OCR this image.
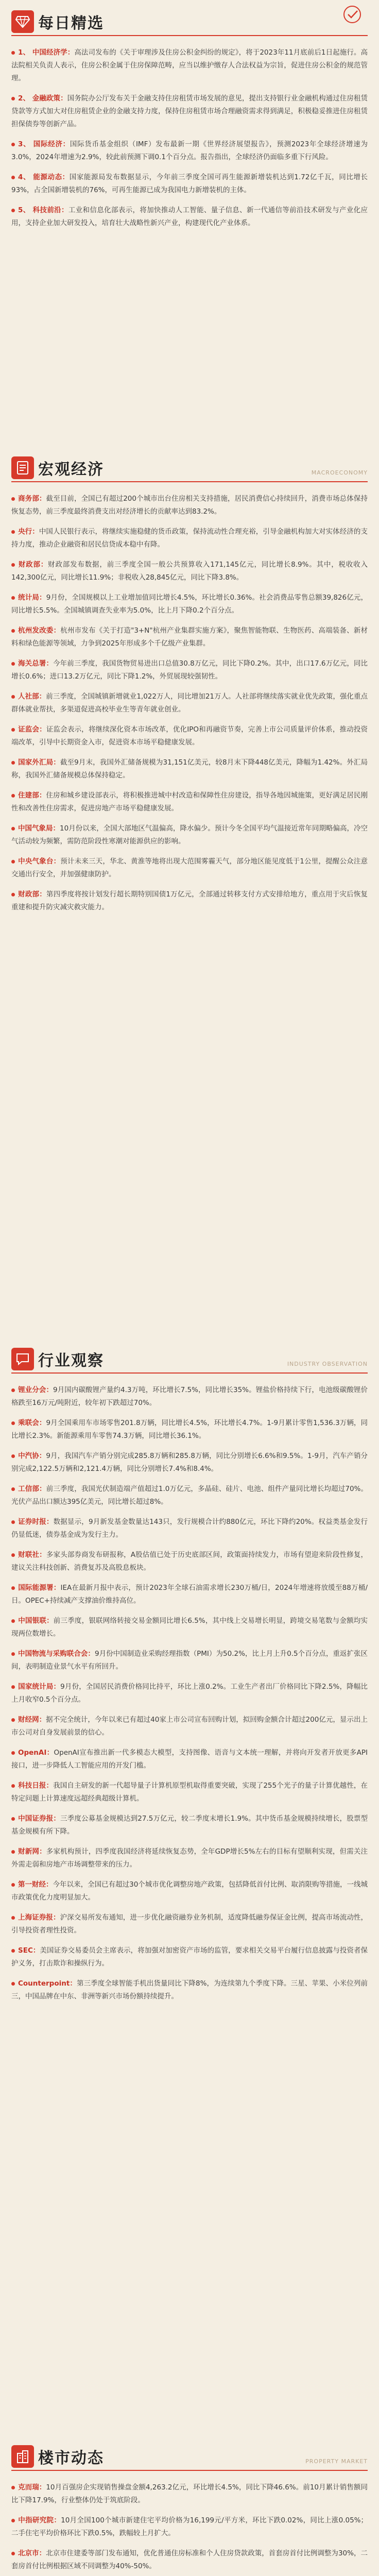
每日精选
1、 中国经济学：高法司发布的《关于审理涉及住房公积金纠纷的规定》，将于2023年11月底前后1日起施行。高法院相关负责人表示，住房公积金属于住房保障范畴，应当以维护缴存人合法权益为宗旨，促进住房公积金的规范管理。
2、 金融政策：国务院办公厅发布关于金融支持住房租赁市场发展的意见，提出支持银行业金融机构通过住房租赁贷款等方式加大对住房租赁企业的金融支持力度，保持住房租赁市场合理融资需求得到满足，积极稳妥推进住房租赁担保债券等创新产品。
3、 国际经济：国际货币基金组织（IMF）发布最新一期《世界经济展望报告》，预测2023年全球经济增速为3.0%，2024年增速为2.9%，较此前预测下调0.1个百分点。报告指出，全球经济仍面临多重下行风险。
4、 能源动态：国家能源局发布数据显示，今年前三季度全国可再生能源新增装机达到1.72亿千瓦，同比增长93%，占全国新增装机的76%，可再生能源已成为我国电力新增装机的主体。
5、 科技前沿：工业和信息化部表示，将加快推动人工智能、量子信息、新一代通信等前沿技术研发与产业化应用，支持企业加大研发投入，培育壮大战略性新兴产业，构建现代化产业体系。
宏观经济	MACROECONOMY
商务部：截至目前，全国已有超过200个城市出台住房相关支持措施，居民消费信心持续回升，消费市场总体保持恢复态势，前三季度最终消费支出对经济增长的贡献率达到83.2%。
央行：中国人民银行表示，将继续实施稳健的货币政策，保持流动性合理充裕，引导金融机构加大对实体经济的支持力度，推动企业融资和居民信贷成本稳中有降。
财政部：财政部发布数据，前三季度全国一般公共预算收入171,145亿元，同比增长8.9%。其中，税收收入142,300亿元，同比增长11.9%；非税收入28,845亿元，同比下降3.8%。
统计局：9月份，全国规模以上工业增加值同比增长4.5%，环比增长0.36%。社会消费品零售总额39,826亿元，同比增长5.5%。全国城镇调查失业率为5.0%，比上月下降0.2个百分点。
杭州发改委：杭州市发布《关于打造"3+N"杭州产业集群实施方案》，聚焦智能物联、生物医药、高端装备、新材料和绿色能源等领域，力争到2025年形成多个千亿级产业集群。
海关总署：今年前三季度，我国货物贸易进出口总值30.8万亿元，同比下降0.2%。其中，出口17.6万亿元，同比增长0.6%；进口13.2万亿元，同比下降1.2%，外贸展现较强韧性。
人社部：前三季度，全国城镇新增就业1,022万人，同比增加21万人。人社部将继续落实就业优先政策，强化重点群体就业帮扶，多渠道促进高校毕业生等青年就业创业。
证监会：证监会表示，将继续深化资本市场改革，优化IPO和再融资节奏，完善上市公司质量评价体系，推动投资端改革，引导中长期资金入市，促进资本市场平稳健康发展。
国家外汇局：截至9月末，我国外汇储备规模为31,151亿美元，较8月末下降448亿美元，降幅为1.42%。外汇局称，我国外汇储备规模总体保持稳定。
住建部：住房和城乡建设部表示，将积极推进城中村改造和保障性住房建设，指导各地因城施策，更好满足居民刚性和改善性住房需求，促进房地产市场平稳健康发展。
中国气象局：10月份以来，全国大部地区气温偏高，降水偏少。预计今冬全国平均气温接近常年同期略偏高，冷空气活动较为频繁，需防范阶段性寒潮对能源供应的影响。
中央气象台：预计未来三天，华北、黄淮等地将出现大范围雾霾天气，部分地区能见度低于1公里，提醒公众注意交通出行安全，并加强健康防护。
财政部：第四季度将按计划发行超长期特别国债1万亿元，全部通过转移支付方式安排给地方，重点用于灾后恢复重建和提升防灾减灾救灾能力。
行业观察	INDUSTRY OBSERVATION
锂业分会：9月国内碳酸锂产量约4.3万吨，环比增长7.5%，同比增长35%。锂盐价格持续下行，电池级碳酸锂价格跌至16万元/吨附近，较年初下跌超过70%。
乘联会：9月全国乘用车市场零售201.8万辆，同比增长4.5%，环比增长4.7%。1-9月累计零售1,536.3万辆，同比增长2.3%。新能源乘用车零售74.3万辆，同比增长36.1%。
中汽协：9月，我国汽车产销分别完成285.8万辆和285.8万辆，同比分别增长6.6%和9.5%。1-9月，汽车产销分别完成2,122.5万辆和2,121.4万辆，同比分别增长7.4%和8.4%。
工信部：前三季度，我国光伏制造端产值超过1.0万亿元，多晶硅、硅片、电池、组件产量同比增长均超过70%。光伏产品出口额达395亿美元，同比增长超过8%。
证券时报：数据显示，9月新发基金数量达143只，发行规模合计约880亿元，环比下降约20%。权益类基金发行仍显低迷，债券基金成为发行主力。
财联社：多家头部券商发布研报称，A股估值已处于历史底部区间，政策面持续发力，市场有望迎来阶段性修复，建议关注科技创新、消费复苏及高股息板块。
国际能源署：IEA在最新月报中表示，预计2023年全球石油需求增长230万桶/日，2024年增速将放缓至88万桶/日。OPEC+持续减产支撑油价维持高位。
中国银联：前三季度，银联网络转接交易金额同比增长6.5%，其中线上交易增长明显，跨境交易笔数与金额均实现两位数增长。
中国物流与采购联合会：9月份中国制造业采购经理指数（PMI）为50.2%，比上月上升0.5个百分点，重返扩张区间，表明制造业景气水平有所回升。
国家统计局：9月份，全国居民消费价格同比持平，环比上涨0.2%。工业生产者出厂价格同比下降2.5%，降幅比上月收窄0.5个百分点。
财经网：据不完全统计，今年以来已有超过40家上市公司宣布回购计划，拟回购金额合计超过200亿元，显示出上市公司对自身发展前景的信心。
OpenAI：OpenAI宣布推出新一代多模态大模型，支持图像、语音与文本统一理解，并将向开发者开放更多API接口，进一步降低人工智能应用的开发门槛。
科技日报：我国自主研发的新一代超导量子计算机原型机取得重要突破，实现了255个光子的量子计算优越性，在特定问题上计算速度远超经典超级计算机。
中国证券报：三季度公募基金规模达到27.5万亿元，较二季度末增长1.9%。其中货币基金规模持续增长，股票型基金规模有所下降。
财新网：多家机构预计，四季度我国经济将延续恢复态势，全年GDP增长5%左右的目标有望顺利实现，但需关注外需走弱和房地产市场调整带来的压力。
第一财经：今年以来，全国已有超过30个城市优化调整房地产政策，包括降低首付比例、取消限购等措施，一线城市政策优化力度明显加大。
上海证券报：沪深交易所发布通知，进一步优化融资融券业务机制，适度降低融券保证金比例，提高市场流动性，引导投资者理性投资。
SEC：美国证券交易委员会主席表示，将加强对加密资产市场的监管，要求相关交易平台履行信息披露与投资者保护义务，打击欺诈和操纵行为。
Counterpoint：第三季度全球智能手机出货量同比下降8%，为连续第九个季度下降。三星、苹果、小米位列前三，中国品牌在中东、非洲等新兴市场份额持续提升。
楼市动态	PROPERTY MARKET
克而瑞：10月百强房企实现销售操盘金额4,263.2亿元，环比增长4.5%，同比下降46.6%。前10月累计销售额同比下降17.9%，行业整体仍处于筑底阶段。
中指研究院：10月全国100个城市新建住宅平均价格为16,199元/平方米，环比下跌0.02%，同比上涨0.05%；二手住宅平均价格环比下跌0.5%，跌幅较上月扩大。
北京市：北京市住建委等部门发布通知，优化普通住房标准和个人住房贷款政策，首套房首付比例调整为30%，二套房首付比例根据区域不同调整为40%-50%。
